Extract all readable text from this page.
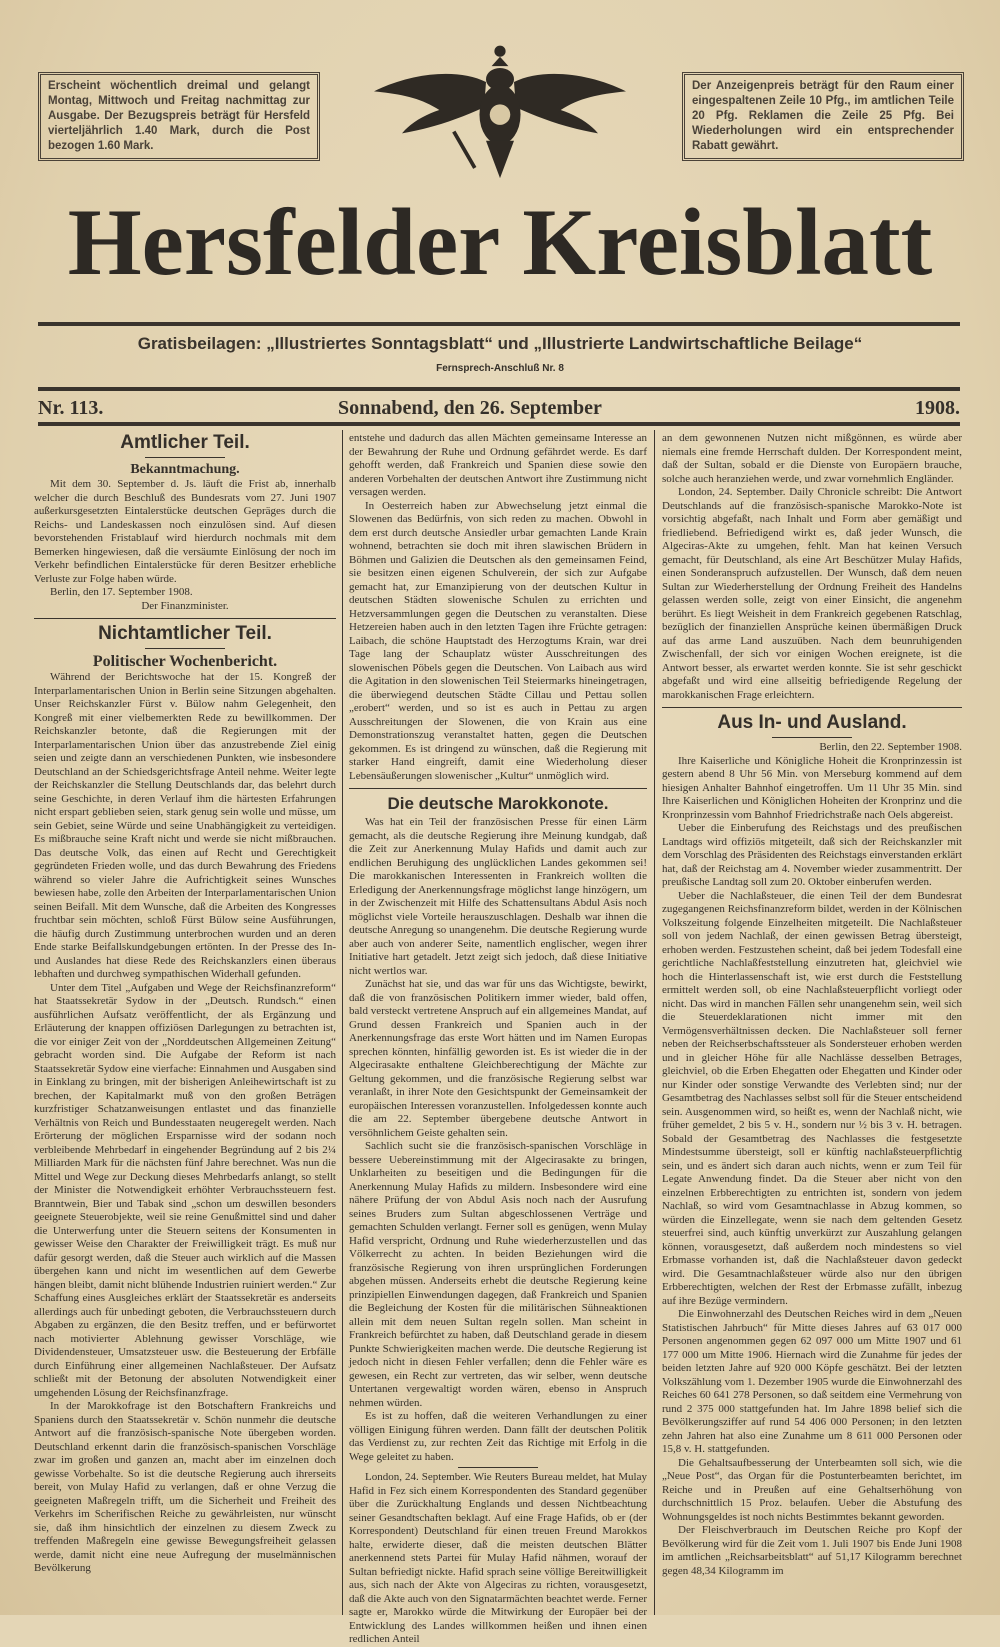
Erscheint wöchentlich dreimal und gelangt Montag, Mittwoch und Freitag nachmittag zur Ausgabe. Der Bezugspreis beträgt für Hersfeld vierteljährlich 1.40 Mark, durch die Post bezogen 1.60 Mark.
Der Anzeigenpreis beträgt für den Raum einer eingespaltenen Zeile 10 Pfg., im amtlichen Teile 20 Pfg. Reklamen die Zeile 25 Pfg. Bei Wiederholungen wird ein entsprechender Rabatt gewährt.
Hersfelder Kreisblatt
Gratisbeilagen: „Illustriertes Sonntagsblatt“ und „Illustrierte Landwirtschaftliche Beilage“
Fernsprech-Anschluß Nr. 8
Nr. 113.	Sonnabend, den 26. September	1908.
Amtlicher Teil.
Bekanntmachung.

Mit dem 30. September d. Js. läuft die Frist ab, innerhalb welcher die durch Beschluß des Bundesrats vom 27. Juni 1907 außerkursgesetzten Eintalerstücke deutschen Gepräges durch die Reichs- und Landeskassen noch einzulösen sind. Auf diesen bevorstehenden Fristablauf wird hierdurch nochmals mit dem Bemerken hingewiesen, daß die versäumte Einlösung der noch im Verkehr befindlichen Eintalerstücke für deren Besitzer erhebliche Verluste zur Folge haben würde.

Berlin, den 17. September 1908.

Der Finanzminister.

Nichtamtlicher Teil.
Politischer Wochenbericht.

Während der Berichtswoche hat der 15. Kongreß der Interparlamentarischen Union in Berlin seine Sitzungen abgehalten. Unser Reichskanzler Fürst v. Bülow nahm Gelegenheit, den Kongreß mit einer vielbemerkten Rede zu bewillkommen. Der Reichskanzler betonte, daß die Regierungen mit der Interparlamentarischen Union über das anzustrebende Ziel einig seien und zeigte dann an verschiedenen Punkten, wie insbesondere Deutschland an der Schiedsgerichtsfrage Anteil nehme. Weiter legte der Reichskanzler die Stellung Deutschlands dar, das belehrt durch seine Geschichte, in deren Verlauf ihm die härtesten Erfahrungen nicht erspart geblieben seien, stark genug sein wolle und müsse, um sein Gebiet, seine Würde und seine Unabhängigkeit zu verteidigen. Es mißbrauche seine Kraft nicht und werde sie nicht mißbrauchen. Das deutsche Volk, das einen auf Recht und Gerechtigkeit gegründeten Frieden wolle, und das durch Bewahrung des Friedens während so vieler Jahre die Aufrichtigkeit seines Wunsches bewiesen habe, zolle den Arbeiten der Interparlamentarischen Union seinen Beifall. Mit dem Wunsche, daß die Arbeiten des Kongresses fruchtbar sein möchten, schloß Fürst Bülow seine Ausführungen, die häufig durch Zustimmung unterbrochen wurden und an deren Ende starke Beifallskundgebungen ertönten. In der Presse des In- und Auslandes hat diese Rede des Reichskanzlers einen überaus lebhaften und durchweg sympathischen Widerhall gefunden.

Unter dem Titel „Aufgaben und Wege der Reichsfinanzreform“ hat Staatssekretär Sydow in der „Deutsch. Rundsch.“ einen ausführlichen Aufsatz veröffentlicht, der als Ergänzung und Erläuterung der knappen offiziösen Darlegungen zu betrachten ist, die vor einiger Zeit von der „Norddeutschen Allgemeinen Zeitung“ gebracht worden sind. Die Aufgabe der Reform ist nach Staatssekretär Sydow eine vierfache: Einnahmen und Ausgaben sind in Einklang zu bringen, mit der bisherigen Anleihewirtschaft ist zu brechen, der Kapitalmarkt muß von den großen Beträgen kurzfristiger Schatzanweisungen entlastet und das finanzielle Verhältnis von Reich und Bundesstaaten neugeregelt werden. Nach Erörterung der möglichen Ersparnisse wird der sodann noch verbleibende Mehrbedarf in eingehender Begründung auf 2 bis 2¼ Milliarden Mark für die nächsten fünf Jahre berechnet. Was nun die Mittel und Wege zur Deckung dieses Mehrbedarfs anlangt, so stellt der Minister die Notwendigkeit erhöhter Verbrauchssteuern fest. Branntwein, Bier und Tabak sind „schon um deswillen besonders geeignete Steuerobjekte, weil sie reine Genußmittel sind und daher die Unterwerfung unter die Steuern seitens der Konsumenten in gewisser Weise den Charakter der Freiwilligkeit trägt. Es muß nur dafür gesorgt werden, daß die Steuer auch wirklich auf die Massen übergehen kann und nicht im wesentlichen auf dem Gewerbe hängen bleibt, damit nicht blühende Industrien ruiniert werden.“ Zur Schaffung eines Ausgleiches erklärt der Staatssekretär es anderseits allerdings auch für unbedingt geboten, die Verbrauchssteuern durch Abgaben zu ergänzen, die den Besitz treffen, und er befürwortet nach motivierter Ablehnung gewisser Vorschläge, wie Dividendensteuer, Umsatzsteuer usw. die Besteuerung der Erbfälle durch Einführung einer allgemeinen Nachlaßsteuer. Der Aufsatz schließt mit der Betonung der absoluten Notwendigkeit einer umgehenden Lösung der Reichsfinanzfrage.

In der Marokkofrage ist den Botschaftern Frankreichs und Spaniens durch den Staatssekretär v. Schön nunmehr die deutsche Antwort auf die französisch-spanische Note übergeben worden. Deutschland erkennt darin die französisch-spanischen Vorschläge zwar im großen und ganzen an, macht aber im einzelnen doch gewisse Vorbehalte. So ist die deutsche Regierung auch ihrerseits bereit, von Mulay Hafid zu verlangen, daß er ohne Verzug die geeigneten Maßregeln trifft, um die Sicherheit und Freiheit des Verkehrs im Scherifischen Reiche zu gewährleisten, nur wünscht sie, daß ihm hinsichtlich der einzelnen zu diesem Zweck zu treffenden Maßregeln eine gewisse Bewegungsfreiheit gelassen werde, damit nicht eine neue Aufregung der muselmännischen Bevölkerung

entstehe und dadurch das allen Mächten gemeinsame Interesse an der Bewahrung der Ruhe und Ordnung gefährdet werde. Es darf gehofft werden, daß Frankreich und Spanien diese sowie den anderen Vorbehalten der deutschen Antwort ihre Zustimmung nicht versagen werden.

In Oesterreich haben zur Abwechselung jetzt einmal die Slowenen das Bedürfnis, von sich reden zu machen. Obwohl in dem erst durch deutsche Ansiedler urbar gemachten Lande Krain wohnend, betrachten sie doch mit ihren slawischen Brüdern in Böhmen und Galizien die Deutschen als den gemeinsamen Feind, sie besitzen einen eigenen Schulverein, der sich zur Aufgabe gemacht hat, zur Emanzipierung von der deutschen Kultur in deutschen Städten slowenische Schulen zu errichten und Hetzversammlungen gegen die Deutschen zu veranstalten. Diese Hetzereien haben auch in den letzten Tagen ihre Früchte getragen: Laibach, die schöne Hauptstadt des Herzogtums Krain, war drei Tage lang der Schauplatz wüster Ausschreitungen des slowenischen Pöbels gegen die Deutschen. Von Laibach aus wird die Agitation in den slowenischen Teil Steiermarks hineingetragen, die überwiegend deutschen Städte Cillau und Pettau sollen „erobert“ werden, und so ist es auch in Pettau zu argen Ausschreitungen der Slowenen, die von Krain aus eine Demonstrationszug veranstaltet hatten, gegen die Deutschen gekommen. Es ist dringend zu wünschen, daß die Regierung mit starker Hand eingreift, damit eine Wiederholung dieser Lebensäußerungen slowenischer „Kultur“ unmöglich wird.

Die deutsche Marokkonote.

Was hat ein Teil der französischen Presse für einen Lärm gemacht, als die deutsche Regierung ihre Meinung kundgab, daß die Zeit zur Anerkennung Mulay Hafids und damit auch zur endlichen Beruhigung des unglücklichen Landes gekommen sei! Die marokkanischen Interessenten in Frankreich wollten die Erledigung der Anerkennungsfrage möglichst lange hinzögern, um in der Zwischenzeit mit Hilfe des Schattensultans Abdul Asis noch möglichst viele Vorteile herauszuschlagen. Deshalb war ihnen die deutsche Anregung so unangenehm. Die deutsche Regierung wurde aber auch von anderer Seite, namentlich englischer, wegen ihrer Initiative hart getadelt. Jetzt zeigt sich jedoch, daß diese Initiative nicht wertlos war.

Zunächst hat sie, und das war für uns das Wichtigste, bewirkt, daß die von französischen Politikern immer wieder, bald offen, bald versteckt vertretene Anspruch auf ein allgemeines Mandat, auf Grund dessen Frankreich und Spanien auch in der Anerkennungsfrage das erste Wort hätten und im Namen Europas sprechen könnten, hinfällig geworden ist. Es ist wieder die in der Algecirasakte enthaltene Gleichberechtigung der Mächte zur Geltung gekommen, und die französische Regierung selbst war veranlaßt, in ihrer Note den Gesichtspunkt der Gemeinsamkeit der europäischen Interessen voranzustellen. Infolgedessen konnte auch die am 22. September übergebene deutsche Antwort in versöhnlichem Geiste gehalten sein.

Sachlich sucht sie die französisch-spanischen Vorschläge in bessere Uebereinstimmung mit der Algecirasakte zu bringen, Unklarheiten zu beseitigen und die Bedingungen für die Anerkennung Mulay Hafids zu mildern. Insbesondere wird eine nähere Prüfung der von Abdul Asis noch nach der Ausrufung seines Bruders zum Sultan abgeschlossenen Verträge und gemachten Schulden verlangt. Ferner soll es genügen, wenn Mulay Hafid verspricht, Ordnung und Ruhe wiederherzustellen und das Völkerrecht zu achten. In beiden Beziehungen wird die französische Regierung von ihren ursprünglichen Forderungen abgehen müssen. Anderseits erhebt die deutsche Regierung keine prinzipiellen Einwendungen dagegen, daß Frankreich und Spanien die Begleichung der Kosten für die militärischen Sühneaktionen allein mit dem neuen Sultan regeln sollen. Man scheint in Frankreich befürchtet zu haben, daß Deutschland gerade in diesem Punkte Schwierigkeiten machen werde. Die deutsche Regierung ist jedoch nicht in diesen Fehler verfallen; denn die Fehler wäre es gewesen, ein Recht zur vertreten, das wir selber, wenn deutsche Untertanen vergewaltigt worden wären, ebenso in Anspruch nehmen würden.

Es ist zu hoffen, daß die weiteren Verhandlungen zu einer völligen Einigung führen werden. Dann fällt der deutschen Politik das Verdienst zu, zur rechten Zeit das Richtige mit Erfolg in die Wege geleitet zu haben.

London, 24. September. Wie Reuters Bureau meldet, hat Mulay Hafid in Fez sich einem Korrespondenten des Standard gegenüber über die Zurückhaltung Englands und dessen Nichtbeachtung seiner Gesandtschaften beklagt. Auf eine Frage Hafids, ob er (der Korrespondent) Deutschland für einen treuen Freund Marokkos halte, erwiderte dieser, daß die meisten deutschen Blätter anerkennend stets Partei für Mulay Hafid nähmen, worauf der Sultan befriedigt nickte. Hafid sprach seine völlige Bereitwilligkeit aus, sich nach der Akte von Algeciras zu richten, vorausgesetzt, daß die Akte auch von den Signatarmächten beachtet werde. Ferner sagte er, Marokko würde die Mitwirkung der Europäer bei der Entwicklung des Landes willkommen heißen und ihnen einen redlichen Anteil

an dem gewonnenen Nutzen nicht mißgönnen, es würde aber niemals eine fremde Herrschaft dulden. Der Korrespondent meint, daß der Sultan, sobald er die Dienste von Europäern brauche, solche auch heranziehen werde, und zwar vornehmlich Engländer.

London, 24. September. Daily Chronicle schreibt: Die Antwort Deutschlands auf die französisch-spanische Marokko-Note ist vorsichtig abgefaßt, nach Inhalt und Form aber gemäßigt und friedliebend. Befriedigend wirkt es, daß jeder Wunsch, die Algeciras-Akte zu umgehen, fehlt. Man hat keinen Versuch gemacht, für Deutschland, als eine Art Beschützer Mulay Hafids, einen Sonderanspruch aufzustellen. Der Wunsch, daß dem neuen Sultan zur Wiederherstellung der Ordnung Freiheit des Handelns gelassen werden solle, zeigt von einer Einsicht, die angenehm berührt. Es liegt Weisheit in dem Frankreich gegebenen Ratschlag, bezüglich der finanziellen Ansprüche keinen übermäßigen Druck auf das arme Land auszuüben. Nach dem beunruhigenden Zwischenfall, der sich vor einigen Wochen ereignete, ist die Antwort besser, als erwartet werden konnte. Sie ist sehr geschickt abgefaßt und wird eine allseitig befriedigende Regelung der marokkanischen Frage erleichtern.

Aus In- und Ausland.

Berlin, den 22. September 1908.

Ihre Kaiserliche und Königliche Hoheit die Kronprinzessin ist gestern abend 8 Uhr 56 Min. von Merseburg kommend auf dem hiesigen Anhalter Bahnhof eingetroffen. Um 11 Uhr 35 Min. sind Ihre Kaiserlichen und Königlichen Hoheiten der Kronprinz und die Kronprinzessin vom Bahnhof Friedrichstraße nach Oels abgereist.

Ueber die Einberufung des Reichstags und des preußischen Landtags wird offiziös mitgeteilt, daß sich der Reichskanzler mit dem Vorschlag des Präsidenten des Reichstags einverstanden erklärt hat, daß der Reichstag am 4. November wieder zusammentritt. Der preußische Landtag soll zum 20. Oktober einberufen werden.

Ueber die Nachlaßsteuer, die einen Teil der dem Bundesrat zugegangenen Reichsfinanzreform bildet, werden in der Kölnischen Volkszeitung folgende Einzelheiten mitgeteilt. Die Nachlaßsteuer soll von jedem Nachlaß, der einen gewissen Betrag übersteigt, erhoben werden. Festzustehen scheint, daß bei jedem Todesfall eine gerichtliche Nachlaßfeststellung einzutreten hat, gleichviel wie hoch die Hinterlassenschaft ist, wie erst durch die Feststellung ermittelt werden soll, ob eine Nachlaßsteuerpflicht vorliegt oder nicht. Das wird in manchen Fällen sehr unangenehm sein, weil sich die Steuerdeklarationen nicht immer mit den Vermögensverhältnissen decken. Die Nachlaßsteuer soll ferner neben der Reichserbschaftssteuer als Sondersteuer erhoben werden und in gleicher Höhe für alle Nachlässe desselben Betrages, gleichviel, ob die Erben Ehegatten oder Ehegatten und Kinder oder nur Kinder oder sonstige Verwandte des Verlebten sind; nur der Gesamtbetrag des Nachlasses selbst soll für die Steuer entscheidend sein. Ausgenommen wird, so heißt es, wenn der Nachlaß nicht, wie früher gemeldet, 2 bis 5 v. H., sondern nur ½ bis 3 v. H. betragen. Sobald der Gesamtbetrag des Nachlasses die festgesetzte Mindestsumme übersteigt, soll er künftig nachlaßsteuerpflichtig sein, und es ändert sich daran auch nichts, wenn er zum Teil für Legate Anwendung findet. Da die Steuer aber nicht von den einzelnen Erbberechtigten zu entrichten ist, sondern von jedem Nachlaß, so wird vom Gesamtnachlasse in Abzug kommen, so würden die Einzellegate, wenn sie nach dem geltenden Gesetz steuerfrei sind, auch künftig unverkürzt zur Auszahlung gelangen können, vorausgesetzt, daß außerdem noch mindestens so viel Erbmasse vorhanden ist, daß die Nachlaßsteuer davon gedeckt wird. Die Gesamtnachlaßsteuer würde also nur den übrigen Erbberechtigten, welchen der Rest der Erbmasse zufällt, inbezug auf ihre Bezüge vermindern.

Die Einwohnerzahl des Deutschen Reiches wird in dem „Neuen Statistischen Jahrbuch“ für Mitte dieses Jahres auf 63 017 000 Personen angenommen gegen 62 097 000 um Mitte 1907 und 61 177 000 um Mitte 1906. Hiernach wird die Zunahme für jedes der beiden letzten Jahre auf 920 000 Köpfe geschätzt. Bei der letzten Volkszählung vom 1. Dezember 1905 wurde die Einwohnerzahl des Reiches 60 641 278 Personen, so daß seitdem eine Vermehrung von rund 2 375 000 stattgefunden hat. Im Jahre 1898 belief sich die Bevölkerungsziffer auf rund 54 406 000 Personen; in den letzten zehn Jahren hat also eine Zunahme um 8 611 000 Personen oder 15,8 v. H. stattgefunden.

Die Gehaltsaufbesserung der Unterbeamten soll sich, wie die „Neue Post“, das Organ für die Postunterbeamten berichtet, im Reiche und in Preußen auf eine Gehaltserhöhung von durchschnittlich 15 Proz. belaufen. Ueber die Abstufung des Wohnungsgeldes ist noch nichts Bestimmtes bekannt geworden.

Der Fleischverbrauch im Deutschen Reiche pro Kopf der Bevölkerung wird für die Zeit vom 1. Juli 1907 bis Ende Juni 1908 im amtlichen „Reichsarbeitsblatt“ auf 51,17 Kilogramm berechnet gegen 48,34 Kilogramm im
